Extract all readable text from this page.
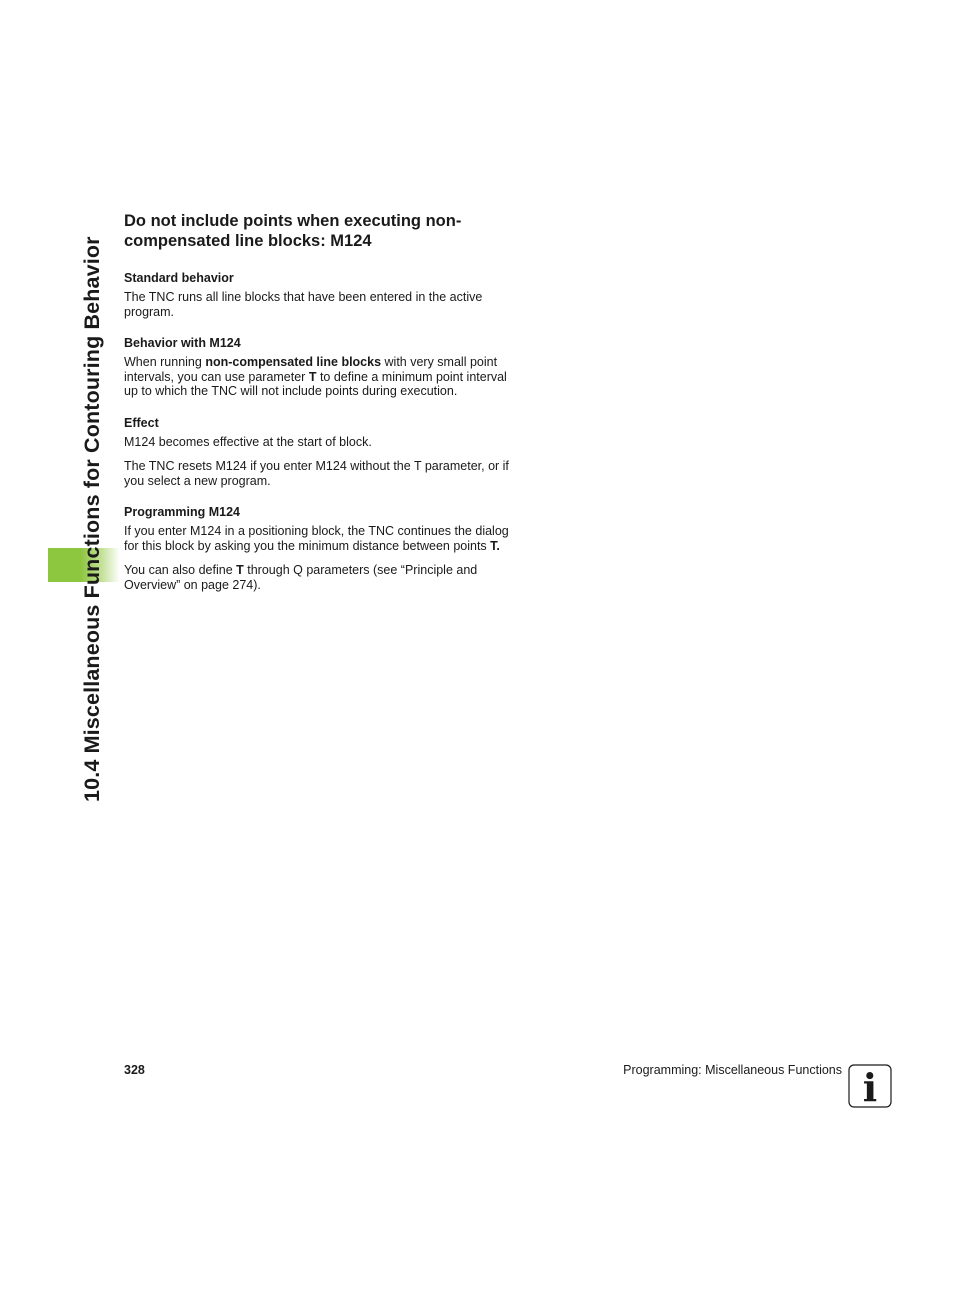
10.4 Miscellaneous Functions for Contouring Behavior
Do not include points when executing non-
compensated line blocks: M124
Standard behavior

The TNC runs all line blocks that have been entered in the active program.

Behavior with M124

When running non-compensated line blocks with very small point intervals, you can use parameter T to define a minimum point interval up to which the TNC will not include points during execution.

Effect

M124 becomes effective at the start of block.

The TNC resets M124 if you enter M124 without the T parameter, or if you select a new program.

Programming M124

If you enter M124 in a positioning block, the TNC continues the dialog for this block by asking you the minimum distance between points T.

You can also define T through Q parameters (see “Principle and Overview” on page 274).

328	Programming: Miscellaneous Functions i
